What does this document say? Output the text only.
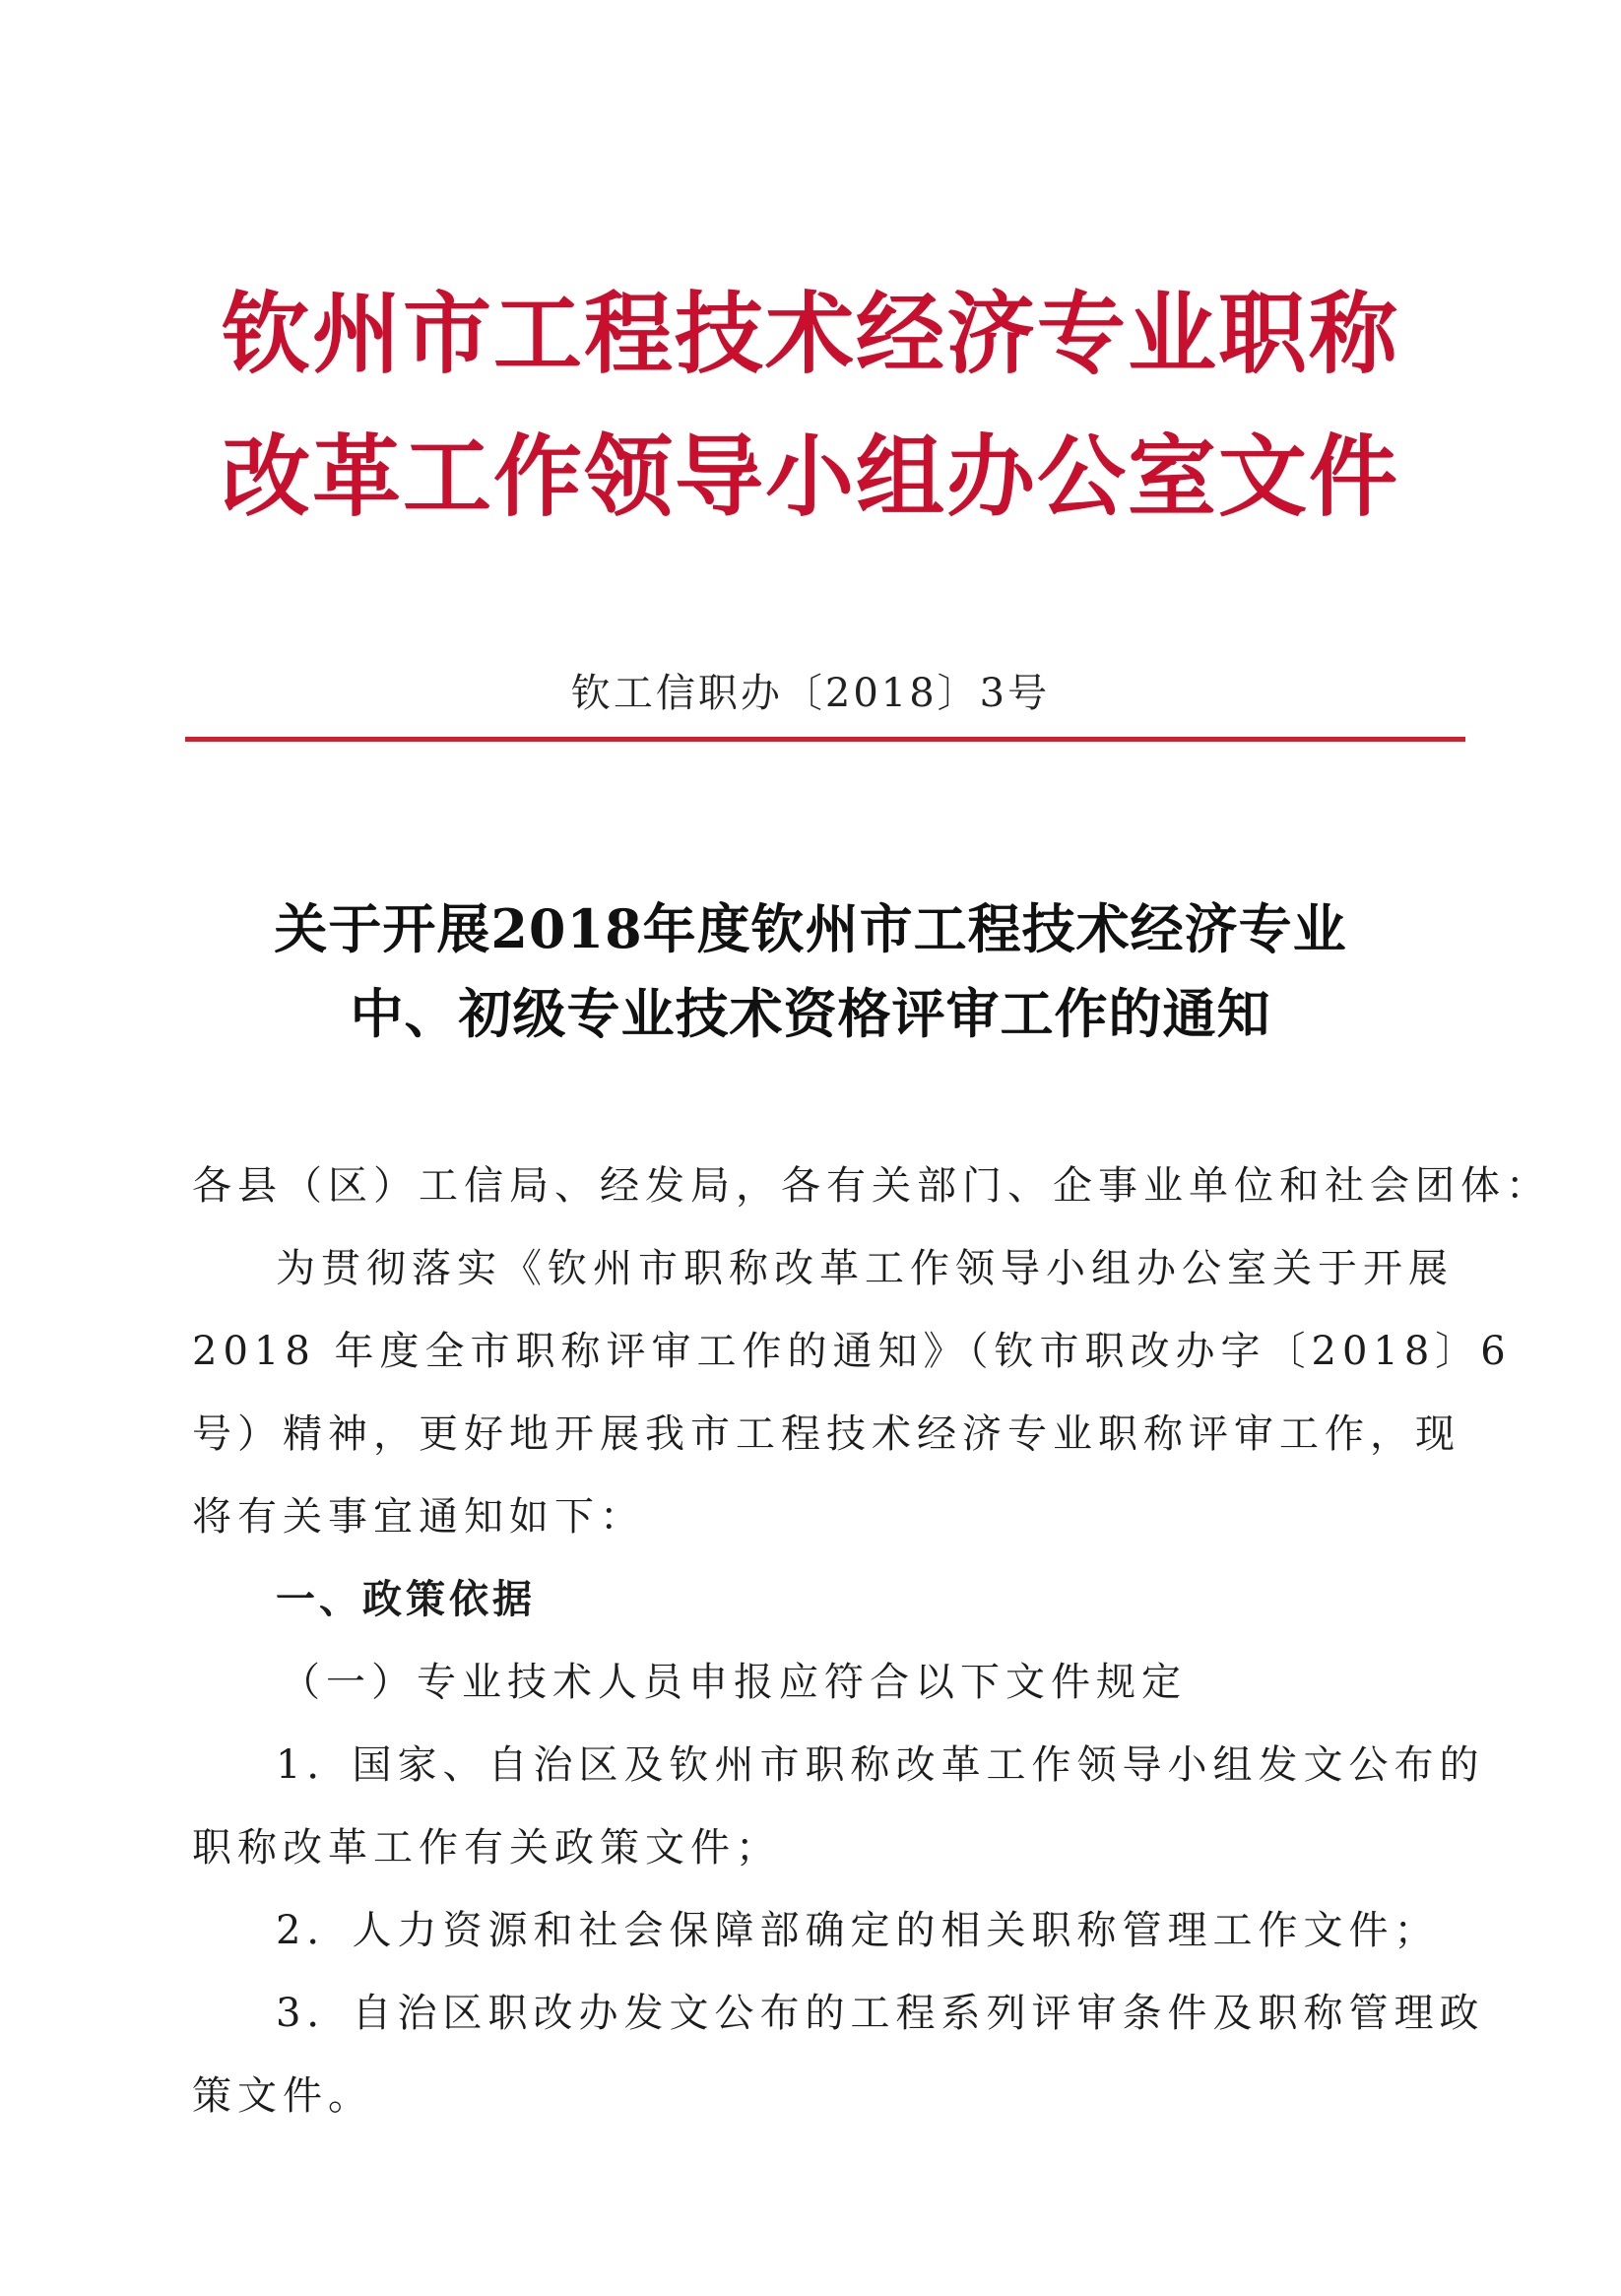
钦州市工程技术经济专业职称
改革工作领导小组办公室文件
钦工信职办〔2018〕3号
关于开展2018年度钦州市工程技术经济专业
中、初级专业技术资格评审工作的通知
各县（区）工信局、经发局，各有关部门、企事业单位和社会团体：
为贯彻落实《钦州市职称改革工作领导小组办公室关于开展
2018 年度全市职称评审工作的通知》（钦市职改办字〔2018〕6
号）精神，更好地开展我市工程技术经济专业职称评审工作，现
将有关事宜通知如下：
一、政策依据
（一）专业技术人员申报应符合以下文件规定
1．国家、自治区及钦州市职称改革工作领导小组发文公布的
职称改革工作有关政策文件；
2．人力资源和社会保障部确定的相关职称管理工作文件；
3．自治区职改办发文公布的工程系列评审条件及职称管理政
策文件。
